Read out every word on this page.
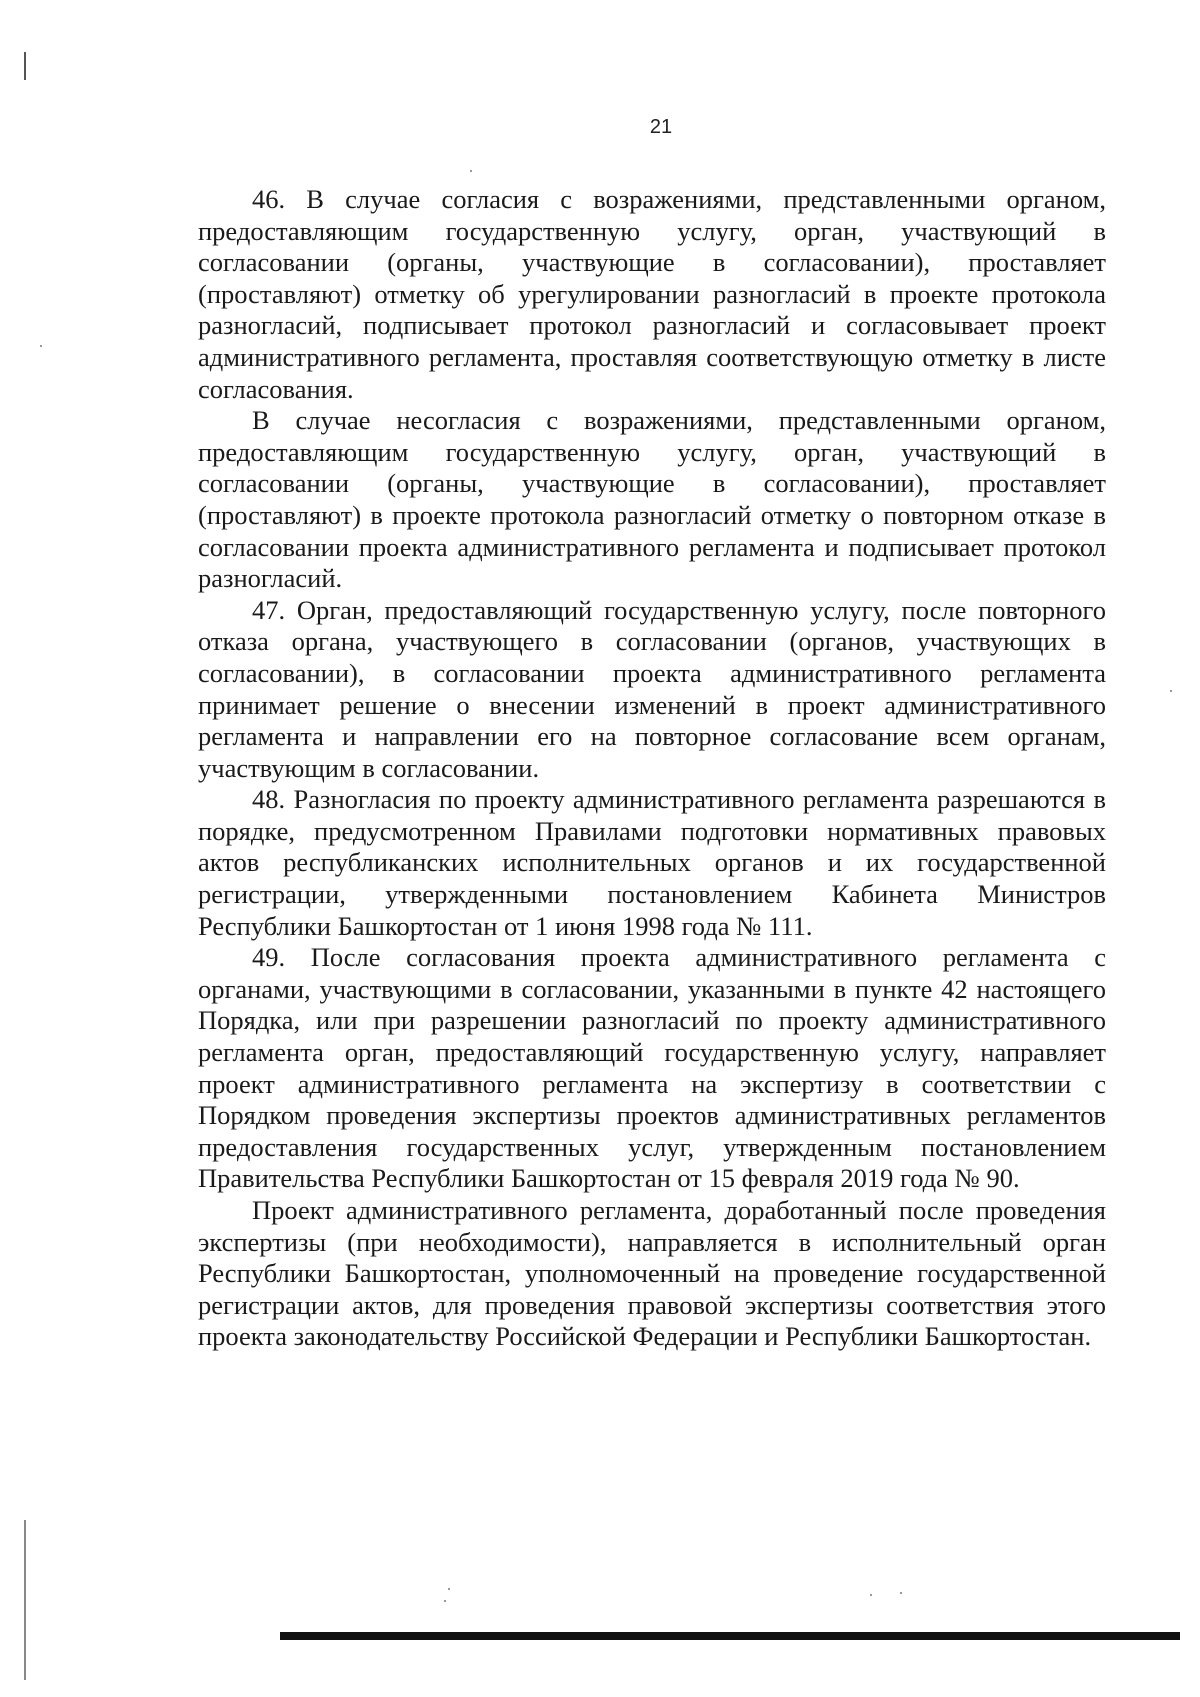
21

46. В случае согласия с возражениями, представленными органом, предоставляющим государственную услугу, орган, участвующий в согласовании (органы, участвующие в согласовании), проставляет (проставляют) отметку об урегулировании разногласий в проекте протокола разногласий, подписывает протокол разногласий и согласовывает проект административного регламента, проставляя соответствующую отметку в листе согласования.

В случае несогласия с возражениями, представленными органом, предоставляющим государственную услугу, орган, участвующий в согласовании (органы, участвующие в согласовании), проставляет (проставляют) в проекте протокола разногласий отметку о повторном отказе в согласовании проекта административного регламента и подписывает протокол разногласий.

47. Орган, предоставляющий государственную услугу, после повторного отказа органа, участвующего в согласовании (органов, участвующих в согласовании), в согласовании проекта административного регламента принимает решение о внесении изменений в проект административного регламента и направлении его на повторное согласование всем органам, участвующим в согласовании.

48. Разногласия по проекту административного регламента разрешаются в порядке, предусмотренном Правилами подготовки нормативных правовых актов республиканских исполнительных органов и их государственной регистрации, утвержденными постановлением Кабинета Министров Республики Башкортостан от 1 июня 1998 года № 111.

49. После согласования проекта административного регламента с органами, участвующими в согласовании, указанными в пункте 42 настоящего Порядка, или при разрешении разногласий по проекту административного регламента орган, предоставляющий государственную услугу, направляет проект административного регламента на экспертизу в соответствии с Порядком проведения экспертизы проектов административных регламентов предоставления государственных услуг, утвержденным постановлением Правительства Республики Башкортостан от 15 февраля 2019 года № 90.

Проект административного регламента, доработанный после проведения экспертизы (при необходимости), направляется в исполнительный орган Республики Башкортостан, уполномоченный на проведение государственной регистрации актов, для проведения правовой экспертизы соответствия этого проекта законодательству Российской Федерации и Республики Башкортостан.
